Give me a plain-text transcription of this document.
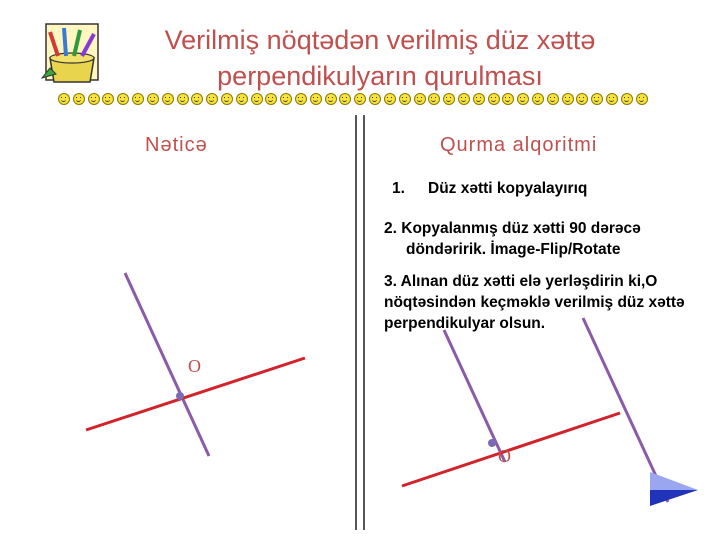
Verilmiş nöqtədən verilmiş düz xəttə
perpendikulyarın qurulması
Nəticə	Qurma alqoritmi
1. Düz xətti kopyalayırıq
2. Kopyalanmış düz xətti 90 dərəcə
döndəririk. İmage-Flip/Rotate
3. Alınan düz xətti elə yerləşdirin ki,O nöqtəsindən keçməklə verilmiş düz xəttə perpendikulyar olsun.
O
O
